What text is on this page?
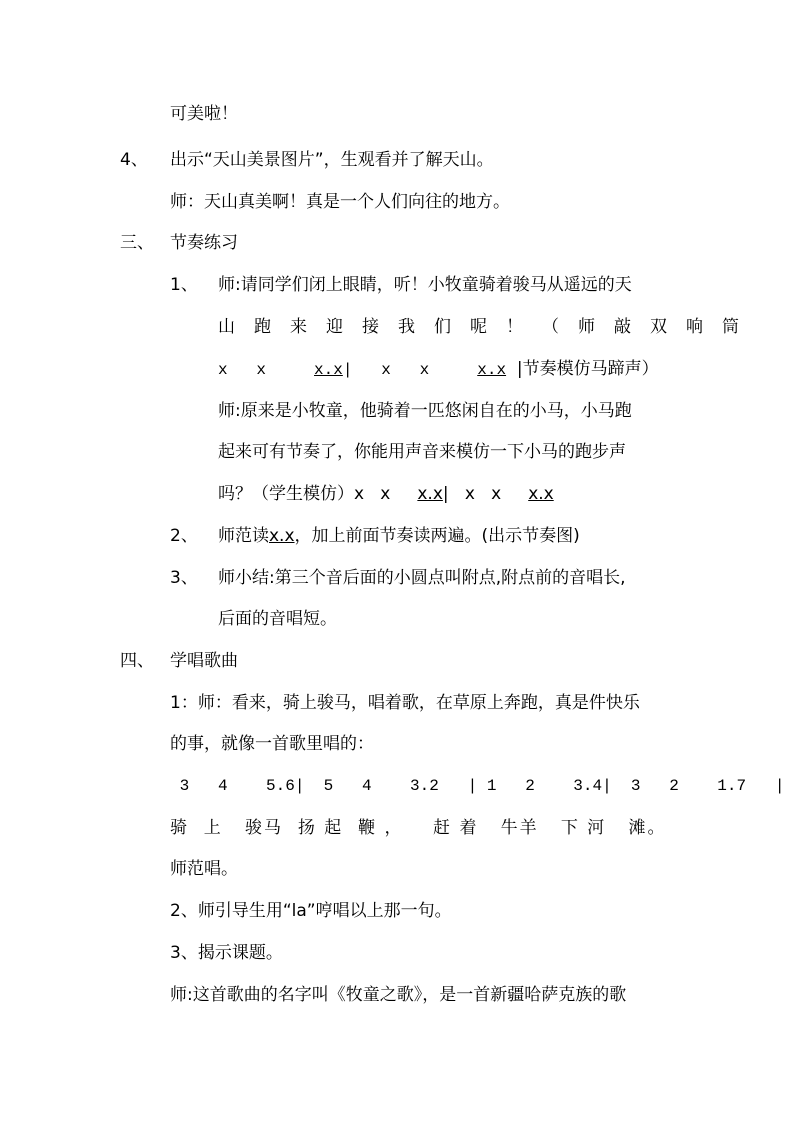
可美啦！
4、 出示“天山美景图片”，生观看并了解天山。
师：天山真美啊！真是一个人们向往的地方。
三、 节奏练习
1、 师:请同学们闭上眼睛，听！小牧童骑着骏马从遥远的天
山跑来迎接我们呢！（师敲双响筒
x   x     x.x|   x   x     x.x  |节奏模仿马蹄声）
师:原来是小牧童，他骑着一匹悠闲自在的小马，小马跑
起来可有节奏了，你能用声音来模仿一下小马的跑步声
吗？（学生模仿）x   x     x.x|   x   x     x.x
2、 师范读x.x，加上前面节奏读两遍。(出示节奏图)
3、 师小结:第三个音后面的小圆点叫附点,附点前的音唱长,
后面的音唱短。
四、 学唱歌曲
1：师：看来，骑上骏马，唱着歌，在草原上奔跑，真是件快乐
的事，就像一首歌里唱的：
3   4    5.6|  5   4    3.2   | 1   2    3.4|  3   2    1.7   |
骑  上   骏马  扬 起  鞭 ，    赶 着   牛羊   下 河   滩。
师范唱。
2、师引导生用“la”哼唱以上那一句。
3、揭示课题。
师:这首歌曲的名字叫《牧童之歌》，是一首新疆哈萨克族的歌
